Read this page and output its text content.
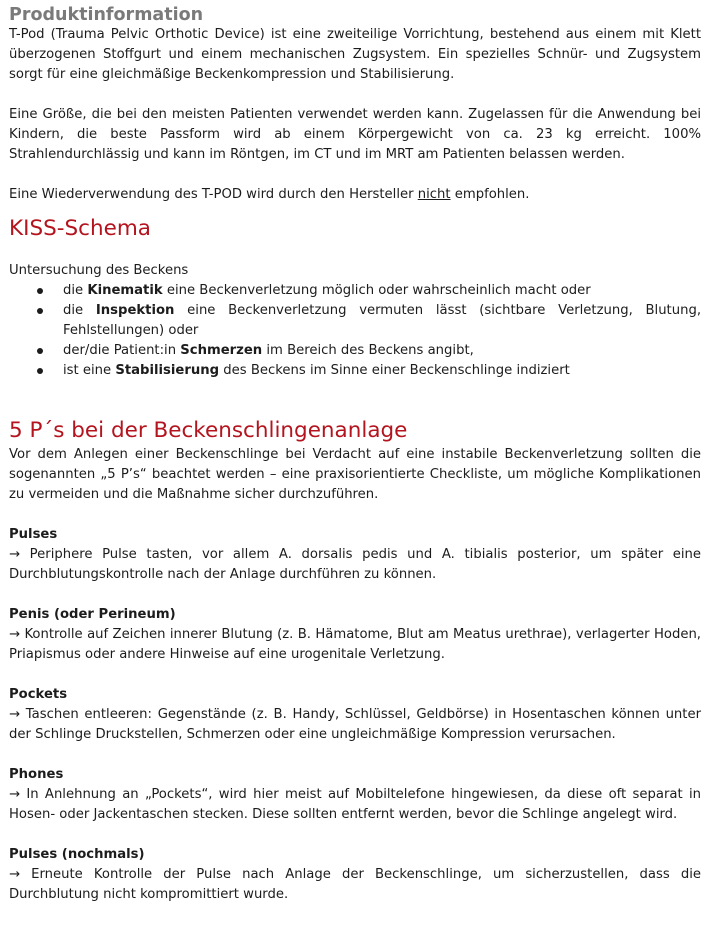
Produktinformation

T-Pod (Trauma Pelvic Orthotic Device) ist eine zweiteilige Vorrichtung, bestehend aus einem mit Klett überzogenen Stoffgurt und einem mechanischen Zugsystem. Ein spezielles Schnür- und Zugsystem sorgt für eine gleichmäßige Beckenkompression und Stabilisierung.

Eine Größe, die bei den meisten Patienten verwendet werden kann. Zugelassen für die Anwendung bei Kindern, die beste Passform wird ab einem Körpergewicht von ca. 23 kg erreicht. 100% Strahlendurchlässig und kann im Röntgen, im CT und im MRT am Patienten belassen werden.

Eine Wiederverwendung des T-POD wird durch den Hersteller nicht empfohlen.

KISS-Schema

Untersuchung des Beckens

die Kinematik eine Beckenverletzung möglich oder wahrscheinlich macht oder
die Inspektion eine Beckenverletzung vermuten lässt (sichtbare Verletzung, Blutung, Fehlstellungen) oder
der/die Patient:in Schmerzen im Bereich des Beckens angibt,
ist eine Stabilisierung des Beckens im Sinne einer Beckenschlinge indiziert
5 P´s bei der Beckenschlingenanlage

Vor dem Anlegen einer Beckenschlinge bei Verdacht auf eine instabile Beckenverletzung sollten die sogenannten „5 P’s“ beachtet werden – eine praxisorientierte Checkliste, um mögliche Komplikationen zu vermeiden und die Maßnahme sicher durchzuführen.

Pulses

→ Periphere Pulse tasten, vor allem A. dorsalis pedis und A. tibialis posterior, um später eine Durchblutungskontrolle nach der Anlage durchführen zu können.

Penis (oder Perineum)

→ Kontrolle auf Zeichen innerer Blutung (z. B. Hämatome, Blut am Meatus urethrae), verlagerter Hoden, Priapismus oder andere Hinweise auf eine urogenitale Verletzung.

Pockets

→ Taschen entleeren: Gegenstände (z. B. Handy, Schlüssel, Geldbörse) in Hosentaschen können unter der Schlinge Druckstellen, Schmerzen oder eine ungleichmäßige Kompression verursachen.

Phones

→ In Anlehnung an „Pockets“, wird hier meist auf Mobiltelefone hingewiesen, da diese oft separat in Hosen- oder Jackentaschen stecken. Diese sollten entfernt werden, bevor die Schlinge angelegt wird.

Pulses (nochmals)

→ Erneute Kontrolle der Pulse nach Anlage der Beckenschlinge, um sicherzustellen, dass die Durchblutung nicht kompromittiert wurde.
